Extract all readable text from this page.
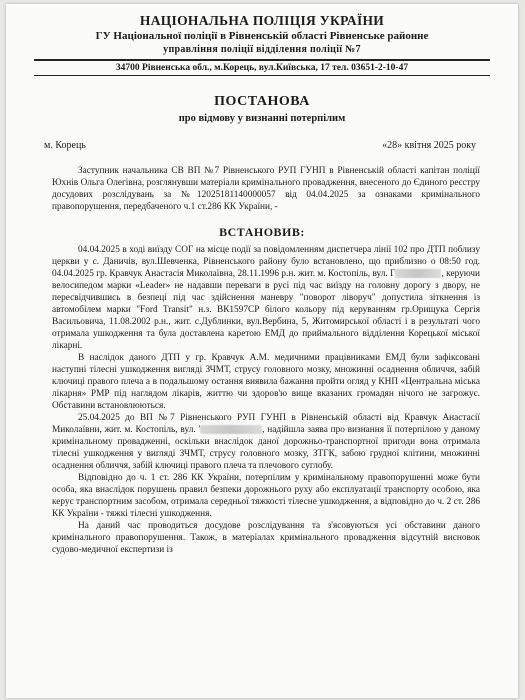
НАЦІОНАЛЬНА ПОЛІЦІЯ УКРАЇНИ
ГУ Національної поліції в Рівненській області Рівненське районне
управління поліції відділення поліції №7
34700 Рівненська обл., м.Корець, вул.Київська, 17 тел. 03651-2-10-47
ПОСТАНОВА
про відмову у визнанні потерпілим
м. Корець	«28» квітня 2025 року
Заступник начальника СВ ВП №7 Рівненського РУП ГУНП в Рівненській області капітан поліції Юхнів Ольга Олегівна, розглянувши матеріали кримінального провадження, внесеного до Єдиного реєстру досудових розслідувань за №12025181140000057 від 04.04.2025 за ознаками кримінального правопорушення, передбаченого ч.1 ст.286 КК України, -
ВСТАНОВИВ:
04.04.2025 в ході виїзду СОГ на місце події за повідомленням диспетчера лінії 102 про ДТП поблизу церкви у с. Даничів, вул.Шевченка, Рівненського району було встановлено, що приблизно о 08:50 год. 04.04.2025 гр. Кравчук Анастасія Миколаївна, 28.11.1996 р.н. жит. м. Костопіль, вул. Г	, керуючи велосипедом марки «Leader» не надавши переваги в русі під час виїзду на головну дорогу з двору, не пересвідчившись в безпеці під час здійснення маневру "поворот ліворуч" допустила зіткнення із автомобілем марки "Ford Transit" н.з. ВК1597СР білого кольору під керуванням гр.Орищука Сергія Васильовича, 11.08.2002 р.н., жит. с.Дублинки, вул.Вербина, 5, Житомирської області і в результаті чого отримала ушкодження та була доставлена каретою ЕМД до приймального відділення Корецької міської лікарні.
В наслідок даного ДТП у гр. Кравчук А.М. медичними працівниками ЕМД були зафіксовані наступні тілесні ушкодження вигляді ЗЧМТ, струсу головного мозку, множинні осаднення обличчя, забій ключиці правого плеча а в подальшому остання виявила бажання пройти огляд у КНП «Центральна міська лікарня» РМР під наглядом лікарів, життю чи здоров'ю вище вказаних громадян нічого не загрожує. Обставини встановлюються.
25.04.2025 до ВП №7 Рівненського РУП ГУНП в Рівненській області від Кравчук Анастасії Миколаївни, жит. м. Костопіль, вул. '	, надійшла заява про визнання її потерпілою у даному кримінальному провадженні, оскільки внаслідок даної дорожньо-транспортної пригоди вона отримала тілесні ушкодження у вигляді ЗЧМТ, струсу головного мозку, ЗТГК, забою грудної клітини, множинні осаднення обличчя, забій ключиці правого плеча та плечового суглобу.
Відповідно до ч. 1 ст. 286 КК України, потерпілим у кримінальному правопорушенні може бути особа, яка внаслідок порушень правил безпеки дорожнього руху або експлуатації транспорту особою, яка керує транспортним засобом, отримала середньої тяжкості тілесне ушкодження, а відповідно до ч. 2 ст. 286 КК України - тяжкі тілесні ушкодження.
На даний час проводиться досудове розслідування та з'ясовуються усі обставини даного кримінального правопорушення. Також, в матеріалах кримінального провадження відсутній висновок судово-медичної експертизи із
